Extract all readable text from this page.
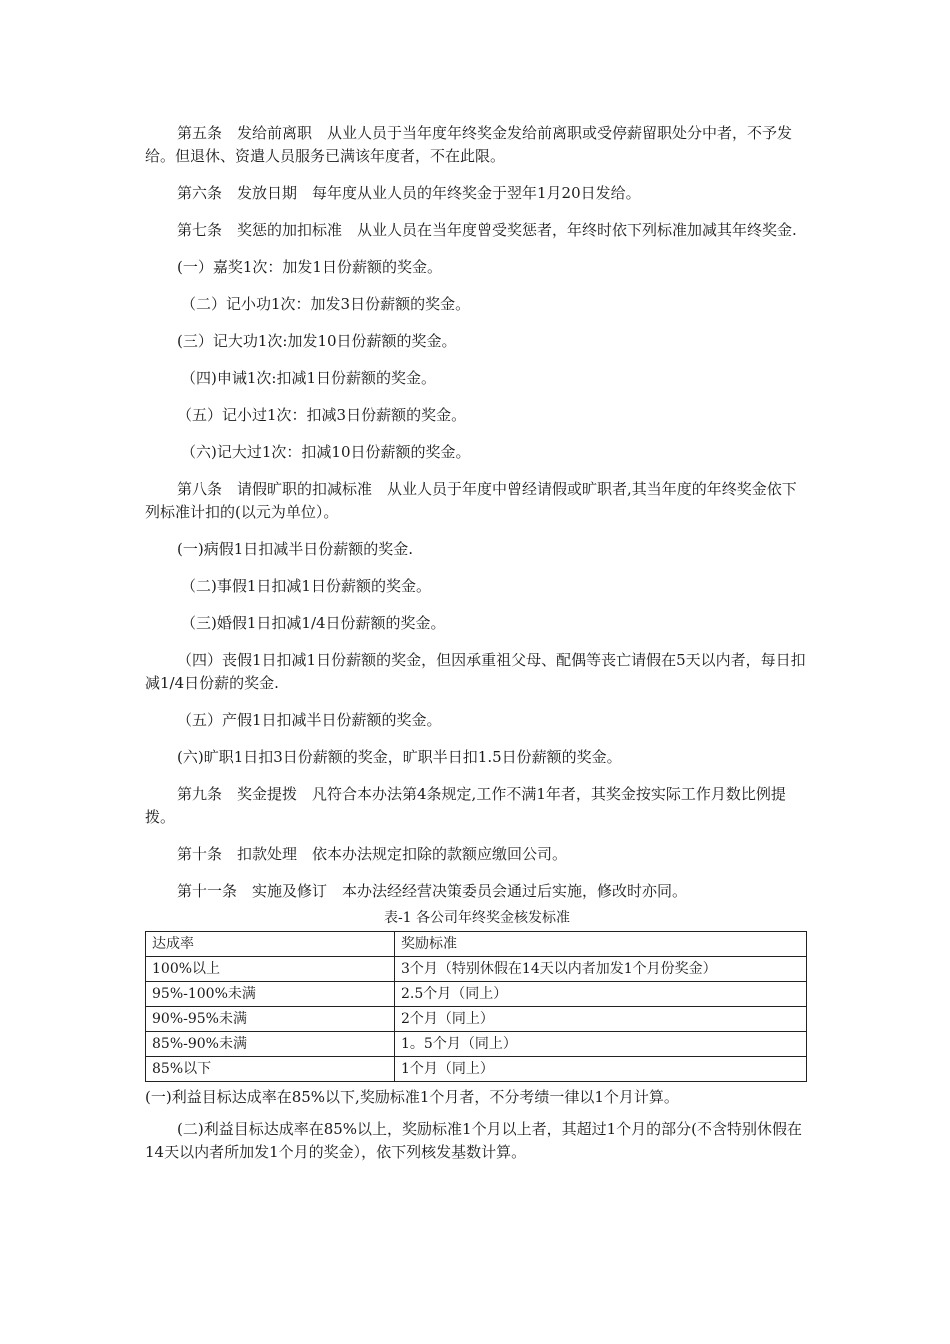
第五条　发给前离职　从业人员于当年度年终奖金发给前离职或受停薪留职处分中者，不予发给。但退休、资遣人员服务已满该年度者，不在此限。

第六条　发放日期　每年度从业人员的年终奖金于翌年1月20日发给。

第七条　奖惩的加扣标准　从业人员在当年度曾受奖惩者，年终时依下列标准加减其年终奖金.

(一）嘉奖1次：加发1日份薪额的奖金。

（二）记小功1次：加发3日份薪额的奖金。

(三）记大功1次:加发10日份薪额的奖金。

（四)申诫1次:扣减1日份薪额的奖金。

（五）记小过1次：扣减3日份薪额的奖金。

（六)记大过1次：扣减10日份薪额的奖金。

第八条　请假旷职的扣减标准　从业人员于年度中曾经请假或旷职者,其当年度的年终奖金依下列标准计扣的(以元为单位）。

(一)病假1日扣减半日份薪额的奖金.

（二)事假1日扣减1日份薪额的奖金。

（三)婚假1日扣减1/4日份薪额的奖金。

（四）丧假1日扣减1日份薪额的奖金，但因承重祖父母、配偶等丧亡请假在5天以内者，每日扣减1/4日份薪的奖金.

（五）产假1日扣减半日份薪额的奖金。

(六)旷职1日扣3日份薪额的奖金，旷职半日扣1.5日份薪额的奖金。

第九条　奖金提拨　凡符合本办法第4条规定,工作不满1年者，其奖金按实际工作月数比例提拨。

第十条　扣款处理　依本办法规定扣除的款额应缴回公司。

第十一条　实施及修订　本办法经经营决策委员会通过后实施，修改时亦同。

表-1 各公司年终奖金核发标准

达成率	奖励标准
100%以上	3个月（特别休假在14天以内者加发1个月份奖金）
95%-100%未满	2.5个月（同上）
90%-95%未满	2个月（同上）
85%-90%未满	1。5个月（同上）
85%以下	1个月（同上）

(一)利益目标达成率在85%以下,奖励标准1个月者，不分考绩一律以1个月计算。

(二)利益目标达成率在85%以上，奖励标准1个月以上者，其超过1个月的部分(不含特别休假在14天以内者所加发1个月的奖金），依下列核发基数计算。
